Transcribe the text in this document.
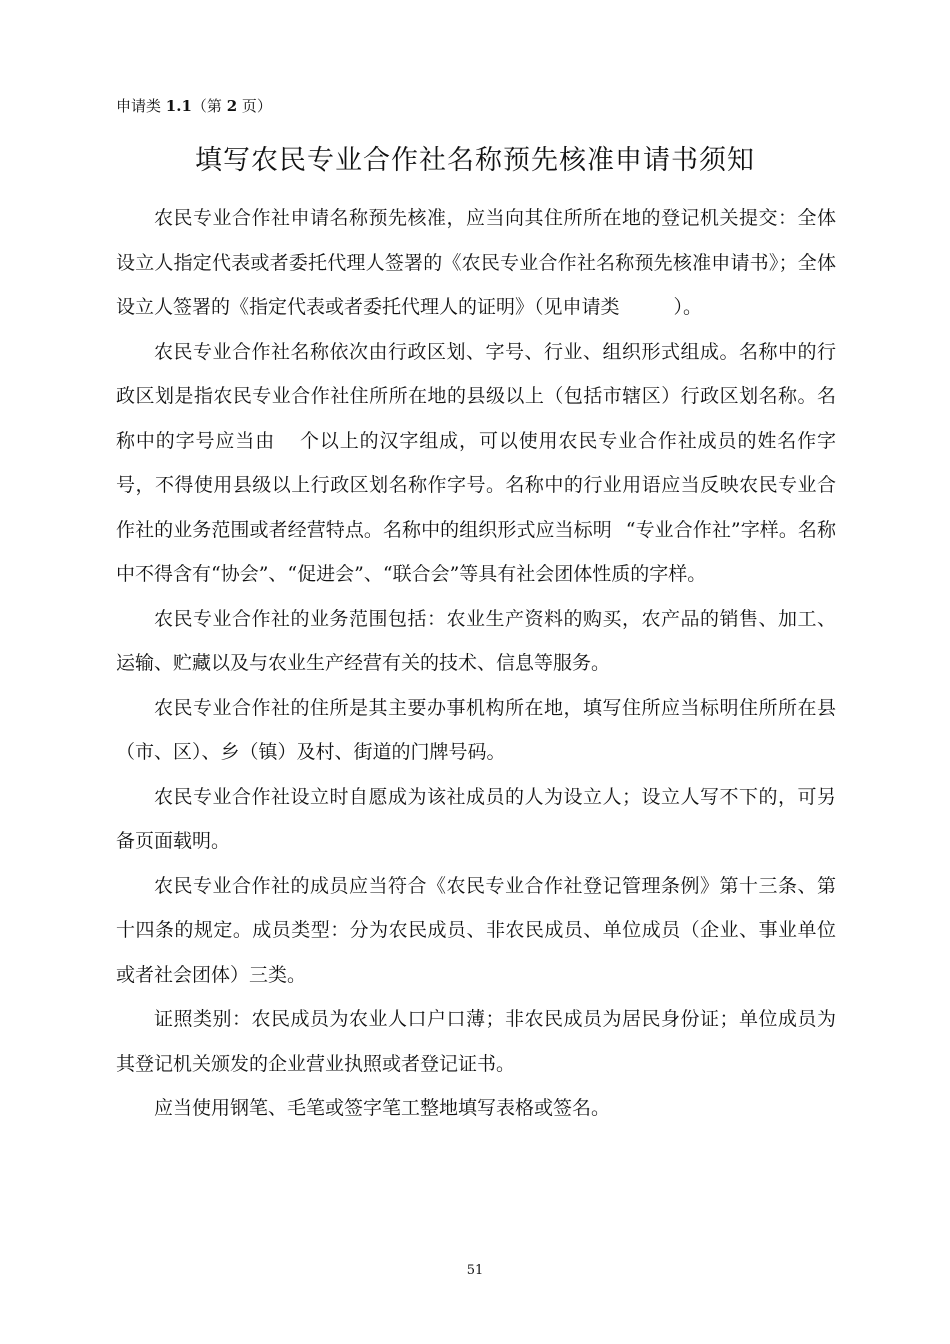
申请类 1.1（第 2 页）
填写农民专业合作社名称预先核准申请书须知

农民专业合作社申请名称预先核准，应当向其住所所在地的登记机关提交：全体设立人指定代表或者委托代理人签署的《农民专业合作社名称预先核准申请书》；全体设立人签署的《指定代表或者委托代理人的证明》（见申请类	）。

农民专业合作社名称依次由行政区划、字号、行业、组织形式组成。名称中的行政区划是指农民专业合作社住所所在地的县级以上（包括市辖区）行政区划名称。名称中的字号应当由 个以上的汉字组成，可以使用农民专业合作社成员的姓名作字号，不得使用县级以上行政区划名称作字号。名称中的行业用语应当反映农民专业合作社的业务范围或者经营特点。名称中的组织形式应当标明 “专业合作社”字样。名称中不得含有“协会”、“促进会”、“联合会”等具有社会团体性质的字样。

农民专业合作社的业务范围包括：农业生产资料的购买，农产品的销售、加工、运输、贮藏以及与农业生产经营有关的技术、信息等服务。

农民专业合作社的住所是其主要办事机构所在地，填写住所应当标明住所所在县（市、区）、乡（镇）及村、街道的门牌号码。

农民专业合作社设立时自愿成为该社成员的人为设立人；设立人写不下的，可另备页面载明。

农民专业合作社的成员应当符合《农民专业合作社登记管理条例》第十三条、第十四条的规定。成员类型：分为农民成员、非农民成员、单位成员（企业、事业单位或者社会团体）三类。

证照类别：农民成员为农业人口户口薄；非农民成员为居民身份证；单位成员为其登记机关颁发的企业营业执照或者登记证书。

应当使用钢笔、毛笔或签字笔工整地填写表格或签名。

51
